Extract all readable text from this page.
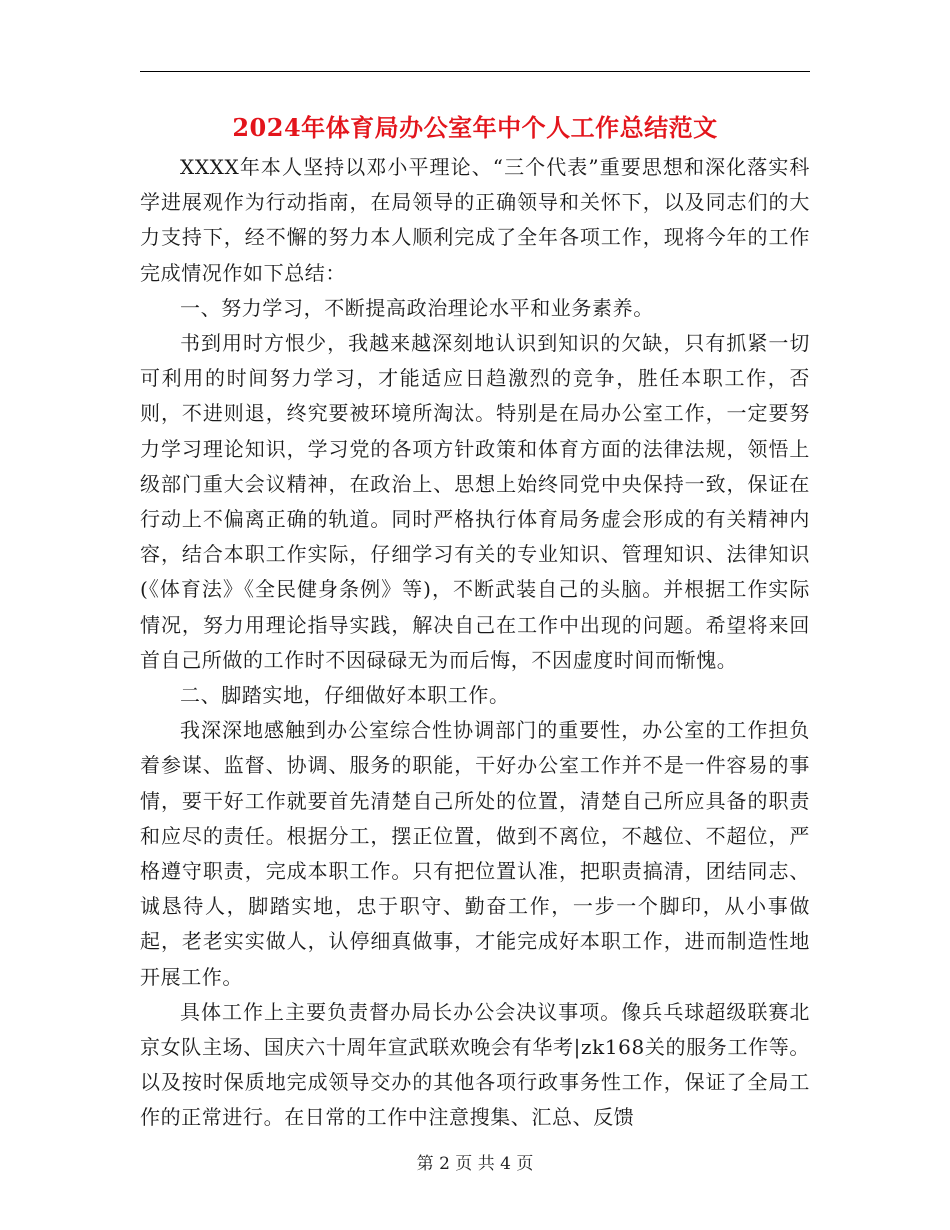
2024年体育局办公室年中个人工作总结范文

XXXX年本人坚持以邓小平理论、“三个代表”重要思想和深化落实科学进展观作为行动指南，在局领导的正确领导和关怀下，以及同志们的大力支持下，经不懈的努力本人顺利完成了全年各项工作，现将今年的工作完成情况作如下总结：

一、努力学习，不断提高政治理论水平和业务素养。

书到用时方恨少，我越来越深刻地认识到知识的欠缺，只有抓紧一切可利用的时间努力学习，才能适应日趋激烈的竞争，胜任本职工作，否则，不进则退，终究要被环境所淘汰。特别是在局办公室工作，一定要努力学习理论知识，学习党的各项方针政策和体育方面的法律法规，领悟上级部门重大会议精神，在政治上、思想上始终同党中央保持一致，保证在行动上不偏离正确的轨道。同时严格执行体育局务虚会形成的有关精神内容，结合本职工作实际，仔细学习有关的专业知识、管理知识、法律知识(《体育法》《全民健身条例》等)，不断武装自己的头脑。并根据工作实际情况，努力用理论指导实践，解决自己在工作中出现的问题。希望将来回首自己所做的工作时不因碌碌无为而后悔，不因虚度时间而惭愧。

二、脚踏实地，仔细做好本职工作。

我深深地感触到办公室综合性协调部门的重要性，办公室的工作担负着参谋、监督、协调、服务的职能，干好办公室工作并不是一件容易的事情，要干好工作就要首先清楚自己所处的位置，清楚自己所应具备的职责和应尽的责任。根据分工，摆正位置，做到不离位，不越位、不超位，严格遵守职责，完成本职工作。只有把位置认准，把职责搞清，团结同志、诚恳待人，脚踏实地，忠于职守、勤奋工作，一步一个脚印，从小事做起，老老实实做人，认停细真做事，才能完成好本职工作，进而制造性地开展工作。

具体工作上主要负责督办局长办公会决议事项。像兵乓球超级联赛北京女队主场、国庆六十周年宣武联欢晚会有华考|zk168关的服务工作等。以及按时保质地完成领导交办的其他各项行政事务性工作，保证了全局工作的正常进行。在日常的工作中注意搜集、汇总、反馈

第 2 页 共 4 页
